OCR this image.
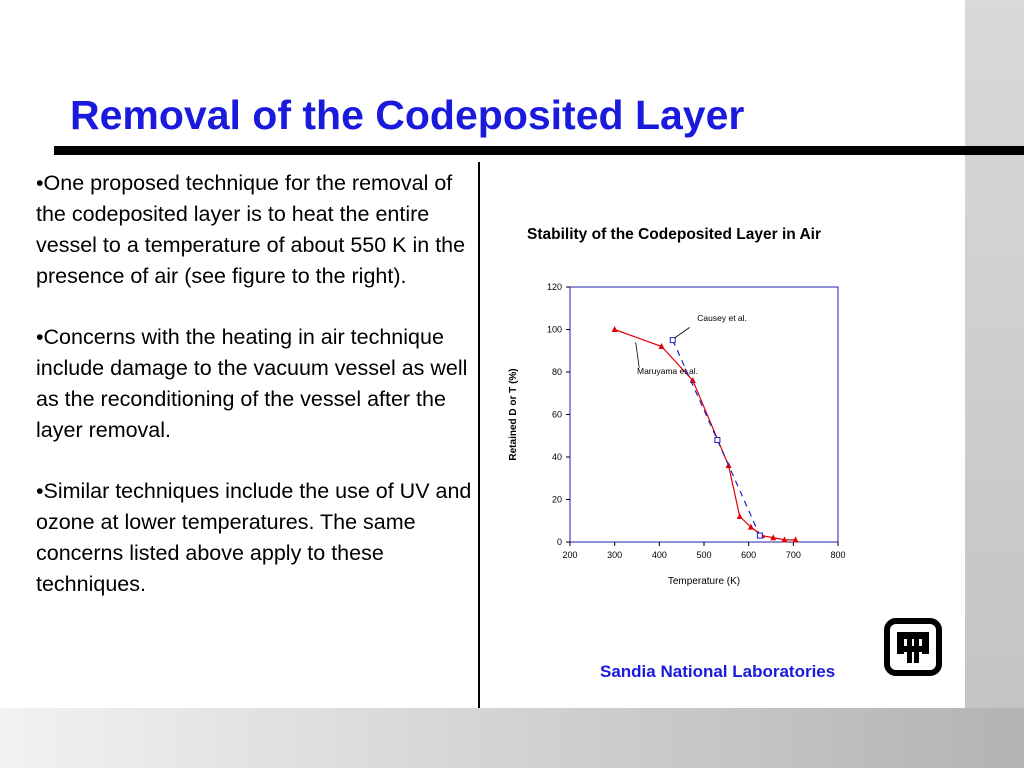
Removal of the Codeposited Layer

•One proposed technique for the removal of the codeposited layer is to heat the entire vessel to a temperature of about 550 K in the presence of air (see figure to the right).

•Concerns with the heating in air technique include damage to the vacuum vessel as well as the reconditioning of the vessel after the layer removal.

•Similar techniques include the use of UV and ozone at lower temperatures. The same concerns listed above apply to these techniques.

Stability of the Codeposited Layer in Air
0
20
40
60
80
100
120
200	300	400	500	600	700	800
Temperature (K)
Retained D or T (%)	Maruyama et al.
Causey et al.
Sandia National Laboratories
